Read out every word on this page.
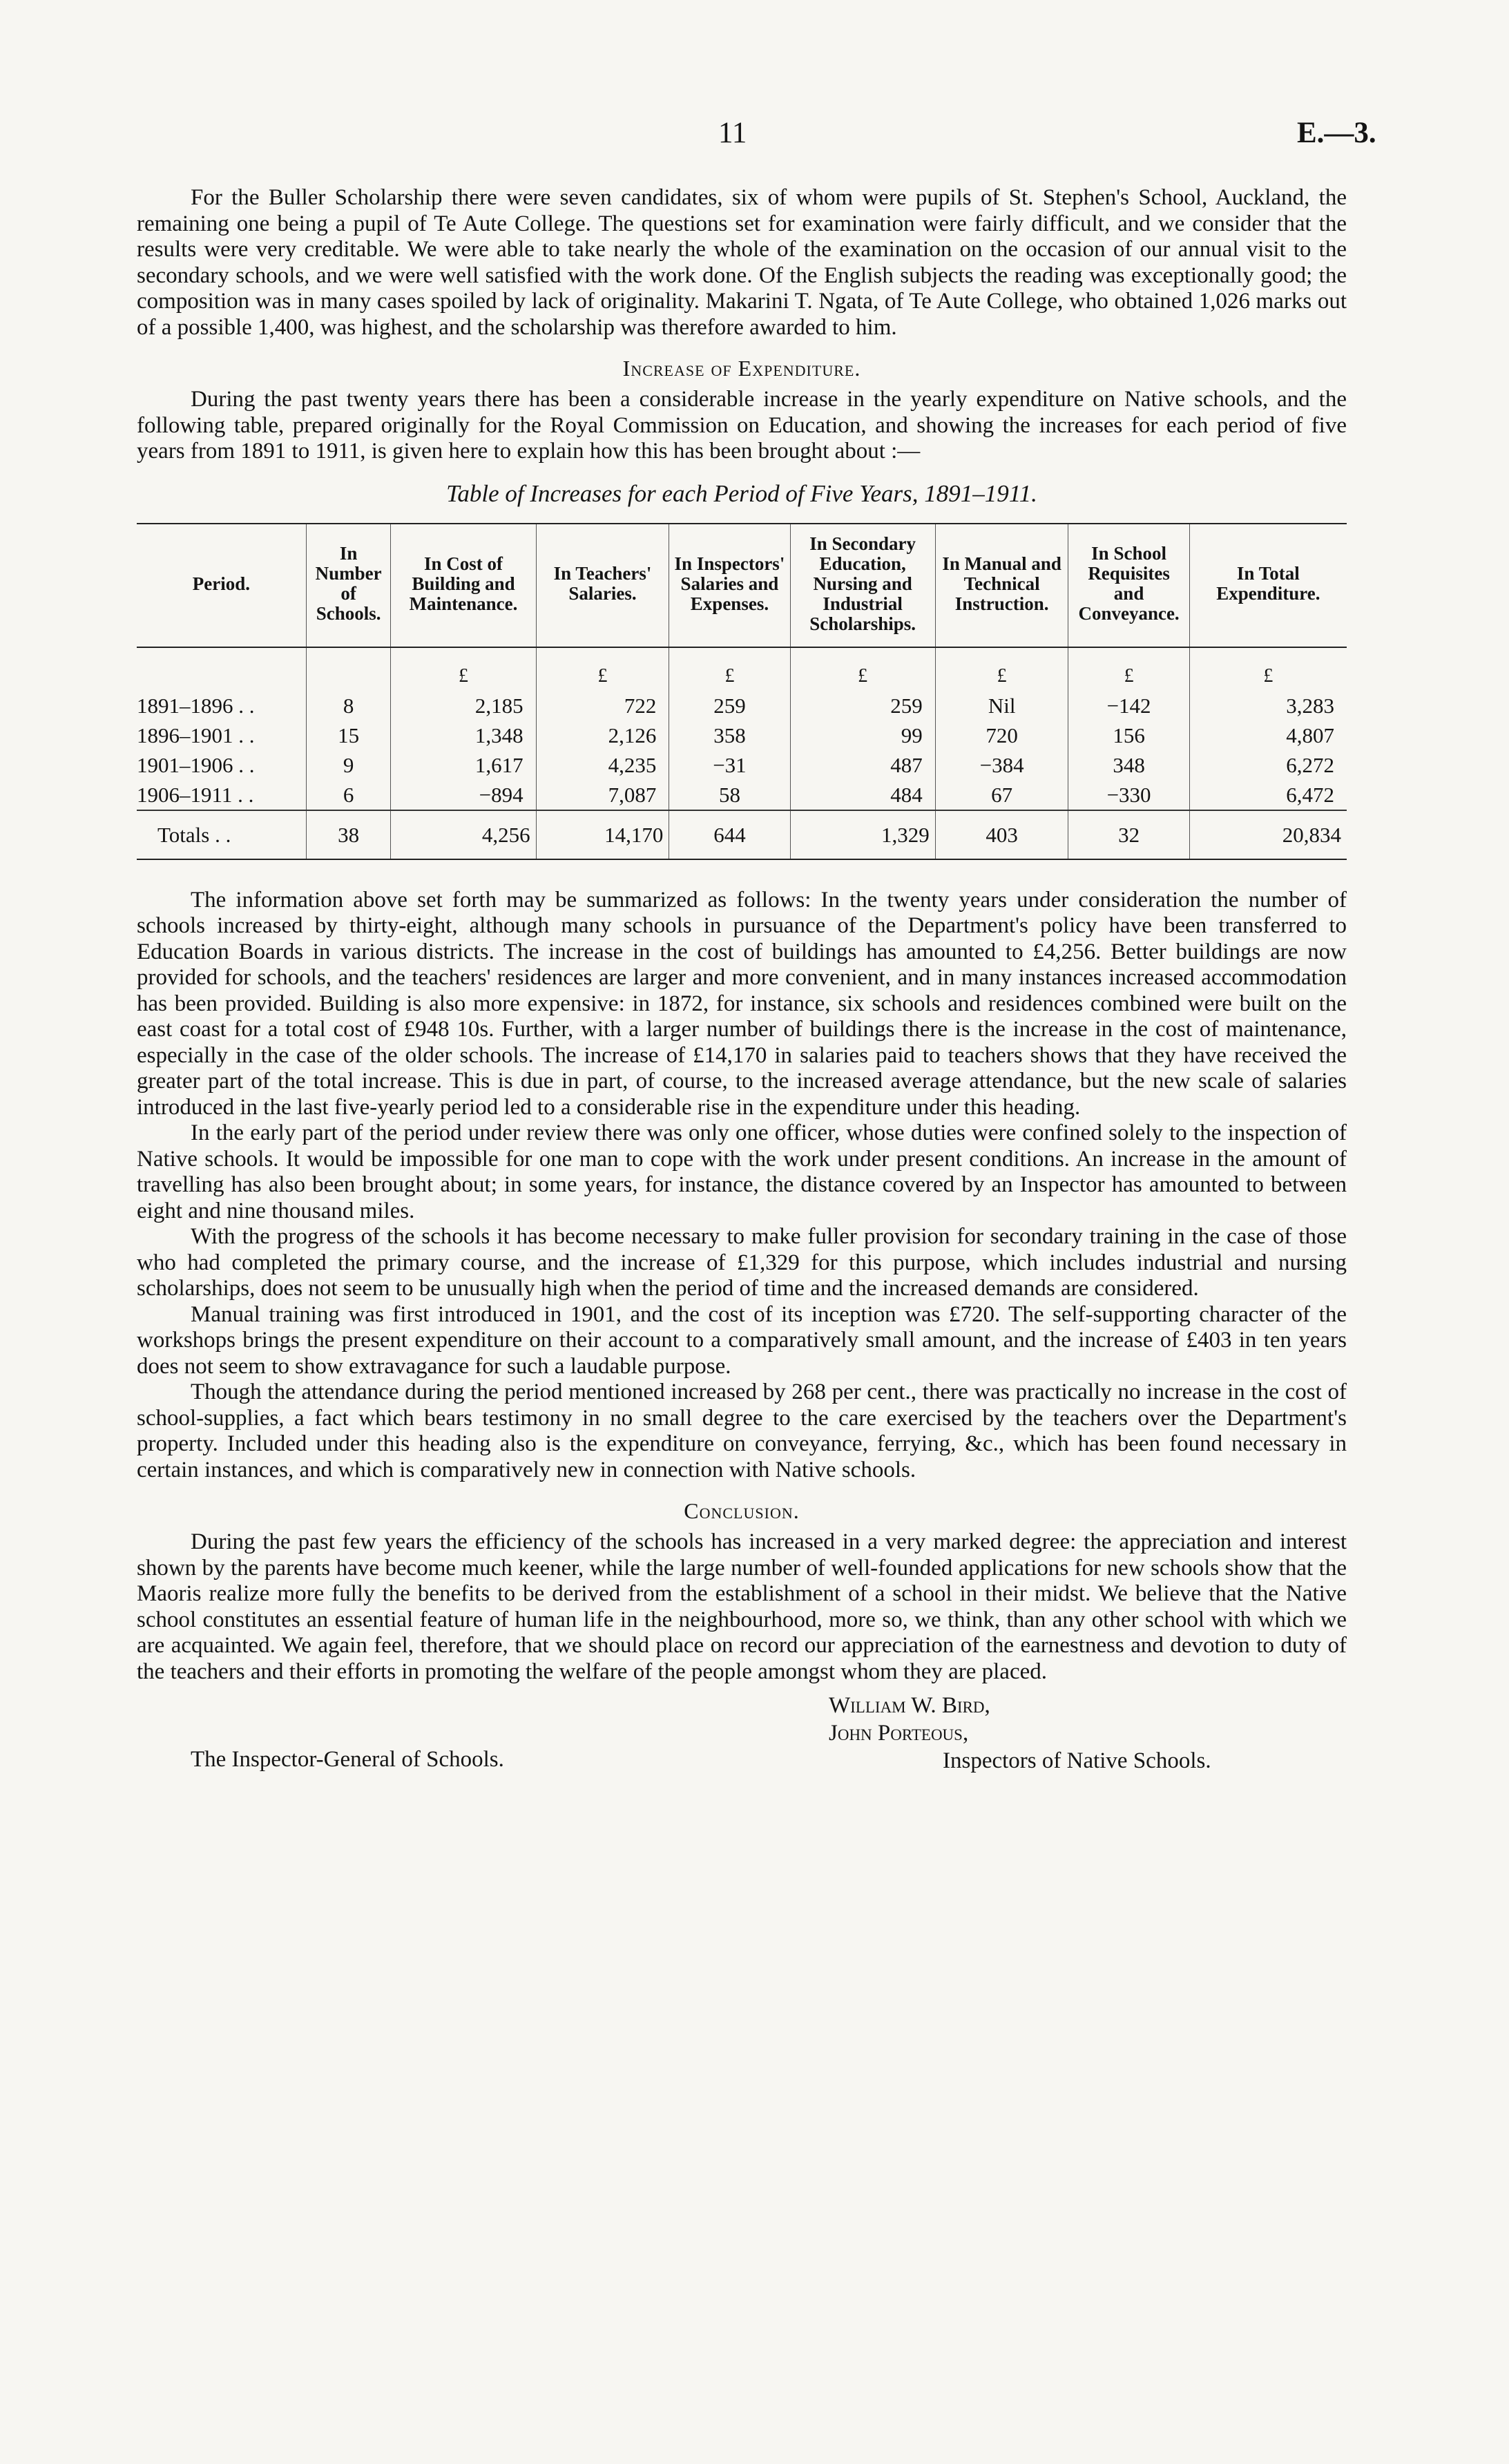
11	E.—3.

For the Buller Scholarship there were seven candidates, six of whom were pupils of St. Stephen's School, Auckland, the remaining one being a pupil of Te Aute College. The questions set for examination were fairly difficult, and we consider that the results were very creditable. We were able to take nearly the whole of the examination on the occasion of our annual visit to the secondary schools, and we were well satisfied with the work done. Of the English subjects the reading was exceptionally good; the composition was in many cases spoiled by lack of originality. Makarini T. Ngata, of Te Aute College, who obtained 1,026 marks out of a possible 1,400, was highest, and the scholarship was therefore awarded to him.

Increase of Expenditure.

During the past twenty years there has been a considerable increase in the yearly expenditure on Native schools, and the following table, prepared originally for the Royal Commission on Education, and showing the increases for each period of five years from 1891 to 1911, is given here to explain how this has been brought about :—

Table of Increases for each Period of Five Years, 1891–1911.
Period.	In Number of Schools.	In Cost of Building and Maintenance.	In Teachers' Salaries.	In Inspectors' Salaries and Expenses.	In Secondary Education, Nursing and Industrial Scholarships.	In Manual and Technical Instruction.	In School Requisites and Conveyance.	In Total Expenditure.
		£	£	£	£	£	£	£
1891–1896 . .	8	2,185	722	259	259	Nil	−142	3,283
1896–1901 . .	15	1,348	2,126	358	99	720	156	4,807
1901–1906 . .	9	1,617	4,235	−31	487	−384	348	6,272
1906–1911 . .	6	−894	7,087	58	484	67	−330	6,472
Totals . .	38	4,256	14,170	644	1,329	403	32	20,834

The information above set forth may be summarized as follows: In the twenty years under consideration the number of schools increased by thirty-eight, although many schools in pursuance of the Department's policy have been transferred to Education Boards in various districts. The increase in the cost of buildings has amounted to £4,256. Better buildings are now provided for schools, and the teachers' residences are larger and more convenient, and in many instances increased accommodation has been provided. Building is also more expensive: in 1872, for instance, six schools and residences combined were built on the east coast for a total cost of £948 10s. Further, with a larger number of buildings there is the increase in the cost of maintenance, especially in the case of the older schools. The increase of £14,170 in salaries paid to teachers shows that they have received the greater part of the total increase. This is due in part, of course, to the increased average attendance, but the new scale of salaries introduced in the last five-yearly period led to a considerable rise in the expenditure under this heading.

In the early part of the period under review there was only one officer, whose duties were confined solely to the inspection of Native schools. It would be impossible for one man to cope with the work under present conditions. An increase in the amount of travelling has also been brought about; in some years, for instance, the distance covered by an Inspector has amounted to between eight and nine thousand miles.

With the progress of the schools it has become necessary to make fuller provision for secondary training in the case of those who had completed the primary course, and the increase of £1,329 for this purpose, which includes industrial and nursing scholarships, does not seem to be unusually high when the period of time and the increased demands are considered.

Manual training was first introduced in 1901, and the cost of its inception was £720. The self-supporting character of the workshops brings the present expenditure on their account to a comparatively small amount, and the increase of £403 in ten years does not seem to show extravagance for such a laudable purpose.

Though the attendance during the period mentioned increased by 268 per cent., there was practically no increase in the cost of school-supplies, a fact which bears testimony in no small degree to the care exercised by the teachers over the Department's property. Included under this heading also is the expenditure on conveyance, ferrying, &c., which has been found necessary in certain instances, and which is comparatively new in connection with Native schools.

Conclusion.

During the past few years the efficiency of the schools has increased in a very marked degree: the appreciation and interest shown by the parents have become much keener, while the large number of well-founded applications for new schools show that the Maoris realize more fully the benefits to be derived from the establishment of a school in their midst. We believe that the Native school constitutes an essential feature of human life in the neighbourhood, more so, we think, than any other school with which we are acquainted. We again feel, therefore, that we should place on record our appreciation of the earnestness and devotion to duty of the teachers and their efforts in promoting the welfare of the people amongst whom they are placed.

William W. Bird,
John Porteous,
Inspectors of Native Schools.
The Inspector-General of Schools.
